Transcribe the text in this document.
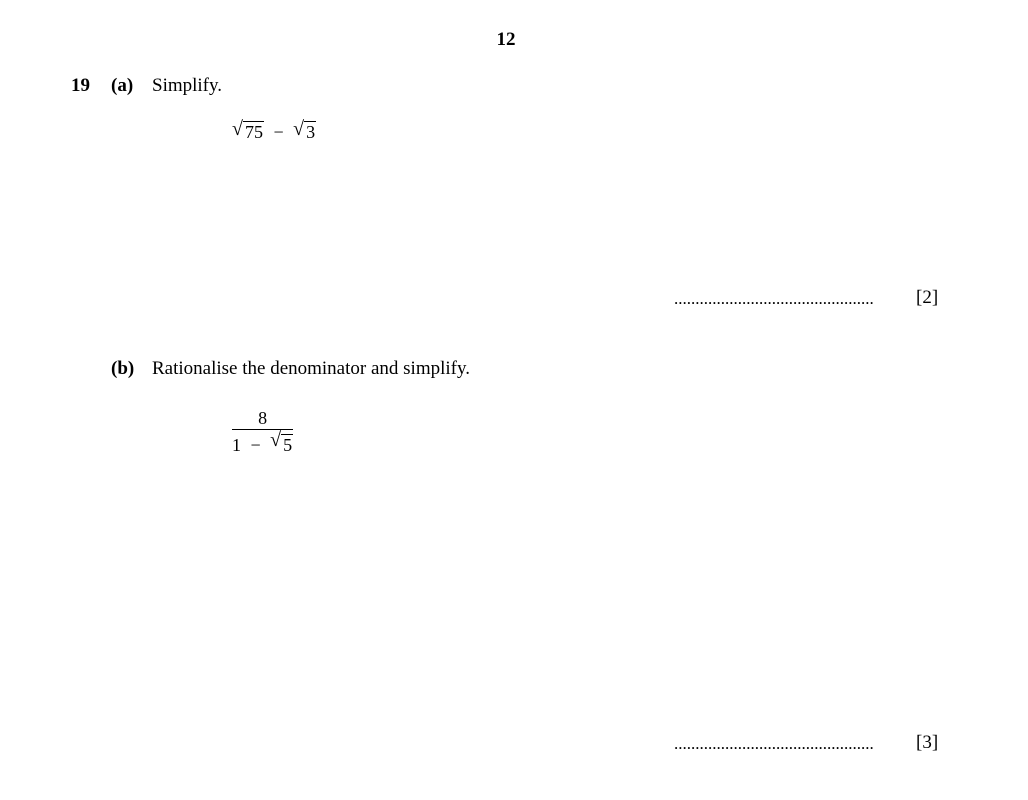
12
19 (a) Simplify.
√ 75 − √ 3
............................................... [2]
(b) Rationalise the denominator and simplify.
$\frac{8}{1 - √ 5}$
............................................... [3]
